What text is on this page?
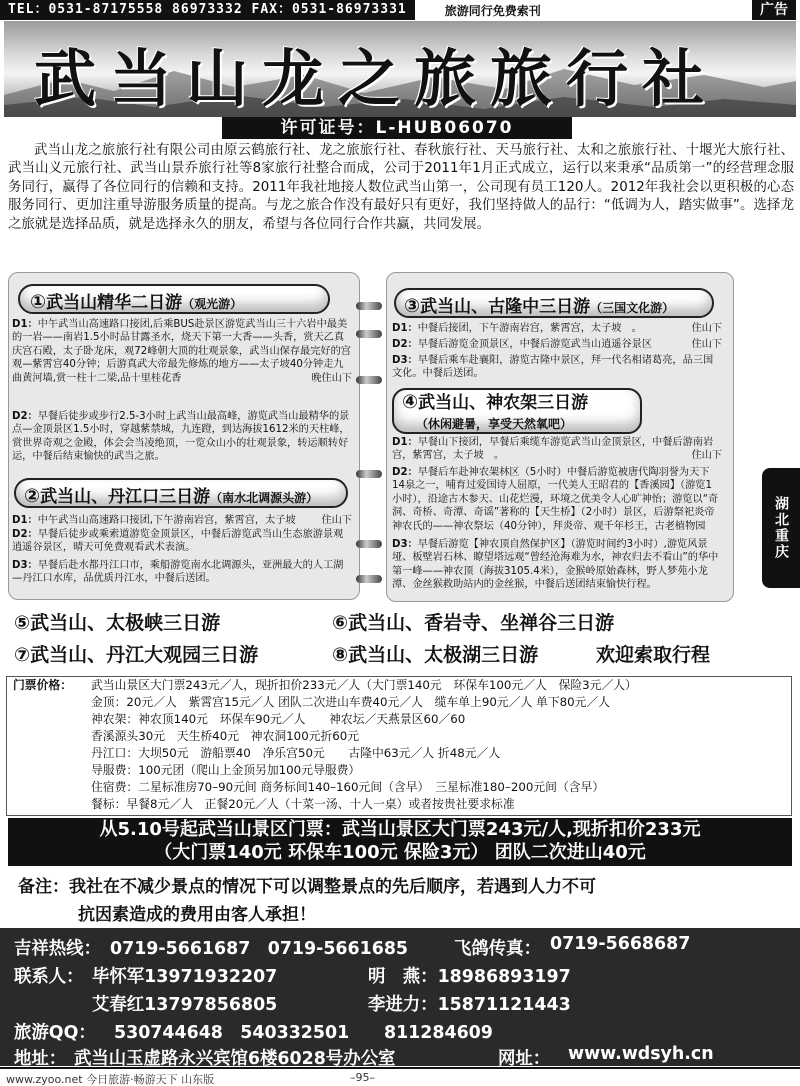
TEL：0531-87175558 86973332 FAX：0531-86973331	旅游同行免费索刊	广告
武当山龙之旅旅行社
许可证号：L-HUB06070

武当山龙之旅旅行社有限公司由原云鹤旅行社、龙之旅旅行社、春秋旅行社、天马旅行社、太和之旅旅行社、十堰光大旅行社、武当山义元旅行社、武当山景乔旅行社等8家旅行社整合而成，公司于2011年1月正式成立，运行以来秉承“品质第一”的经营理念服务同行，赢得了各位同行的信赖和支持。2011年我社地接人数位武当山第一，公司现有员工120人。2012年我社会以更积极的心态服务同行、更加注重导游服务质量的提高。与龙之旅合作没有最好只有更好，我们坚持做人的品行：“低调为人，踏实做事”。选择龙之旅就是选择品质，就是选择永久的朋友，希望与各位同行合作共赢，共同发展。

①武当山精华二日游（观光游）
D1：中午武当山高速路口接团,后乘BUS赴景区游览武当山三十六岩中最美的一岩——南岩1.5小时品甘露圣水，烧天下第一大香——头香，赏天乙真庆宫石殿，太子卧龙床，观72峰朝大顶的壮观景象，武当山保存最完好的宫观—紫霄宫40分钟；后游真武大帝最先修炼的地方——太子坡40分钟走九曲黄河墙,赏一柱十二梁,品十里桂花香	晚住山下
D2：早餐后徒步或步行2.5-3小时上武当山最高峰，游览武当山最精华的景点—金顶景区1.5小时，穿越紫禁城，九连蹬，到达海拔1612米的天柱峰，赏世界奇观之金殿，体会会当凌绝顶，一览众山小的壮观景象，转运顺转好运，中餐后结束愉快的武当之旅。
②武当山、丹江口三日游（南水北调源头游）
D1：中午武当山高速路口接团,下午游南岩宫，紫霄宫，太子坡	住山下
D2：早餐后徒步或乘索道游览金顶景区，中餐后游览武当山生态旅游景观逍遥谷景区，晴天可免费观看武术表演。
D3：早餐后赴水都丹江口市，乘船游览南水北调源头，亚洲最大的人工湖—丹江口水库，品优质丹江水，中餐后送团。
③武当山、古隆中三日游（三国文化游）
D1：中餐后接团，下午游南岩宫，紫霄宫，太子坡　。	住山下
D2：早餐后游览金顶景区，中餐后游览武当山逍遥谷景区	住山下
D3：早餐后乘车赴襄阳，游览古隆中景区，拜一代名相诸葛亮，品三国文化。中餐后送团。
④武当山、神农架三日游
（休闲避暑，享受天然氧吧）
D1：早餐山下接团，早餐后乘缆车游览武当山金顶景区，中餐后游南岩宫，紫霄宫，太子坡　。	住山下
D2：早餐后车赴神农架林区（5小时）中餐后游览被唐代陶羽誉为天下14泉之一，哺育过爱国诗人屈原，一代美人王昭君的【香溪园】（游览1小时），沿途古木参天、山花烂漫，环境之优美令人心旷神怡；游览以“奇洞、奇桥、奇潭、奇谣”著称的【天生桥】（2小时）景区，后游祭祀炎帝神农氏的——神农祭坛（40分钟），拜炎帝、观千年杉王，古老植物园
D3：早餐后游览【神农顶自然保护区】（游览时间约3小时）,游览风景垭、板壁岩石林、瞭望塔远观“曾经沧海难为水，神农归去不看山”的华中第一峰——神农顶（海拔3105.4米），金猴岭原始森林，野人梦苑小龙潭、金丝猴救助站内的金丝猴，中餐后送团结束愉快行程。
湖北重庆
⑤武当山、太极峡三日游	⑥武当山、香岩寺、坐禅谷三日游
⑦武当山、丹江大观园三日游	⑧武当山、太极湖三日游	欢迎索取行程
门票价格： 武当山景区大门票243元／人，现折扣价233元／人（大门票140元　环保车100元／人　保险3元／人）
金顶：20元／人　紫霄宫15元／人 团队二次进山车费40元／人　缆车单上90元／人 单下80元／人
神农架：神农顶140元　环保车90元／人　　神农坛／天燕景区60／60
香溪源头30元　天生桥40元　神农洞100元折60元
丹江口：大坝50元　游船票40　净乐宫50元　　古隆中63元／人 折48元／人
导服费：100元团（爬山上金顶另加100元导服费）
住宿费：二星标准房70–90元间 商务标间140–160元间（含早）　三星标准180–200元间（含早）
餐标：早餐8元／人　正餐20元／人（十菜一汤、十人一桌）或者按贵社要求标准
从5.10号起武当山景区门票：武当山景区大门票243元/人,现折扣价233元
（大门票140元 环保车100元 保险3元） 团队二次进山40元
备注：我社在不减少景点的情况下可以调整景点的先后顺序，若遇到人力不可
抗因素造成的费用由客人承担！
吉祥热线： 0719-5661687　0719-5661685	飞鸽传真： 0719-5668687
联系人： 毕怀军13971932207	明　燕：18986893197
艾春红13797856805	李进力：15871121443
旅游QQ： 530744648　540332501　　811284609
地址： 武当山玉虚路永兴宾馆6楼6028号办公室	网址： www.wdsyh.cn
www.zyoo.net 今日旅游·畅游天下 山东版	–95–
